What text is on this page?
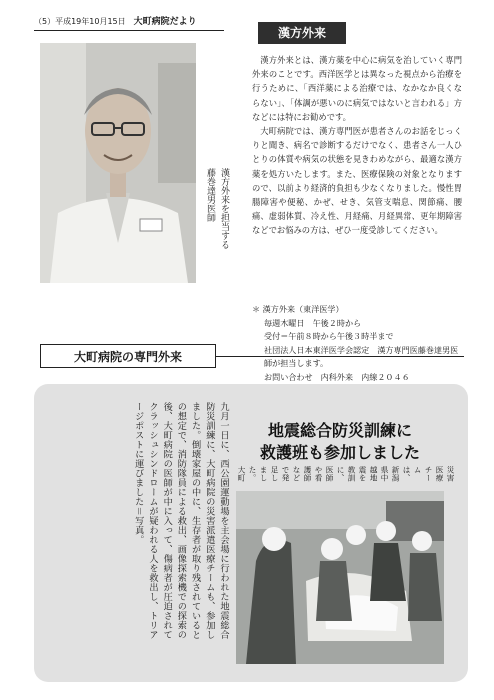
（5）平成19年10月15日　 大町病院だより
漢方外来を担当する
藤巻達男医師
漢方外来

漢方外来とは、漢方薬を中心に病気を治していく専門外来のことです。西洋医学とは異なった視点から治療を行うために、「西洋薬による治療では、なかなか良くならない」、「体調が悪いのに病気ではないと言われる」方などには特にお勧めです。

大町病院では、漢方専門医が患者さんのお話をじっくりと聞き、病名で診断するだけでなく、患者さん一人ひとりの体質や病気の状態を見きわめながら、最適な漢方薬を処方いたします。また、医療保険の対象となりますので、以前より経済的負担も少なくなりました。慢性胃腸障害や便秘、かぜ、せき、気管支喘息、関節痛、腰痛、虚弱体質、冷え性、月経痛、月経異常、更年期障害などでお悩みの方は、ぜひ一度受診してください。

＊ 漢方外来（東洋医学）
毎週木曜日　午後２時から
受付＝午前８時から午後３時半まで
社団法人日本東洋医学会認定　漢方専門医藤巻達男医師が担当します。
お問い合わせ　内科外来　内線２０４６
大町病院の専門外来

九月一日に、西公園運動場を主会場に行われた地震総合防災訓練に、大町病院の災害派遣医療チームも、参加しました。倒壊家屋の中に、生存者が取り残されているとの想定で、消防隊員による救出、画像探索機での探索の後、大町病院の医師が中に入って、傷病者が圧迫されてクラッシュシンドロームが疑われる人を救出し、トリアージポストに運びました＝写真。	地震総合防災訓練に
救護班も参加しました

災害医療チームは、新潟県中越地震を教訓に、医師や看護師などで発足しました。大町
